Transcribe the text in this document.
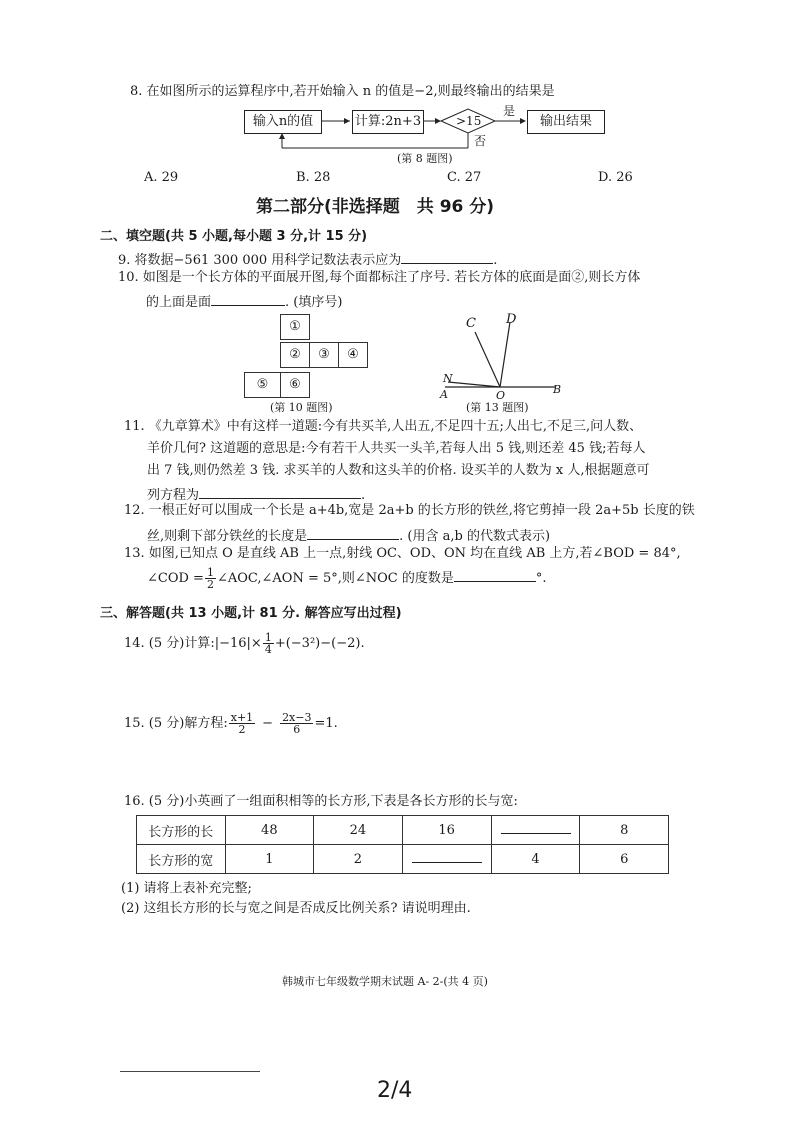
8. 在如图所示的运算程序中,若开始输入 n 的值是−2,则最终输出的结果是
输入n的值	计算:2n+3	>15
是
否
输出结果
(第 8 题图)
A. 29	B. 28	C. 27	D. 26
第二部分(非选择题　共 96 分)
二、填空题(共 5 小题,每小题 3 分,计 15 分)
9. 将数据−561 300 000 用科学记数法表示应为	.
10. 如图是一个长方体的平面展开图,每个面都标注了序号. 若长方体的底面是面②,则长方体
的上面是面	. (填序号)
①
②	③	④
⑤	⑥
(第 10 题图)
C D
N
A	O	B
(第 13 题图)
11. 《九章算术》中有这样一道题:今有共买羊,人出五,不足四十五;人出七,不足三,问人数、
羊价几何? 这道题的意思是:今有若干人共买一头羊,若每人出 5 钱,则还差 45 钱;若每人
出 7 钱,则仍然差 3 钱. 求买羊的人数和这头羊的价格. 设买羊的人数为 x 人,根据题意可
列方程为	.
12. 一根正好可以围成一个长是 a+4b,宽是 2a+b 的长方形的铁丝,将它剪掉一段 2a+5b 长度的铁
丝,则剩下部分铁丝的长度是	. (用含 a,b 的代数式表示)
13. 如图,已知点 O 是直线 AB 上一点,射线 OC、OD、ON 均在直线 AB 上方,若∠BOD = 84°,
∠COD = $\frac{1}{2}$ ∠AOC,∠AON = 5°,则∠NOC 的度数是	°.
三、解答题(共 13 小题,计 81 分. 解答应写出过程)
14. (5 分)计算:|−16|× $\frac{1}{4} +(-3^2)-(-2)$.
15. (5 分)解方程: $\frac{x+1}{2} - \frac{2x-3}{6} =1$.
16. (5 分)小英画了一组面积相等的长方形,下表是各长方形的长与宽:
长方形的长	48	24	16		8
长方形的宽	1	2		4	6
(1) 请将上表补充完整;
(2) 这组长方形的长与宽之间是否成反比例关系? 请说明理由.
韩城市七年级数学期末试题 A- 2-(共 4 页)
2/4
